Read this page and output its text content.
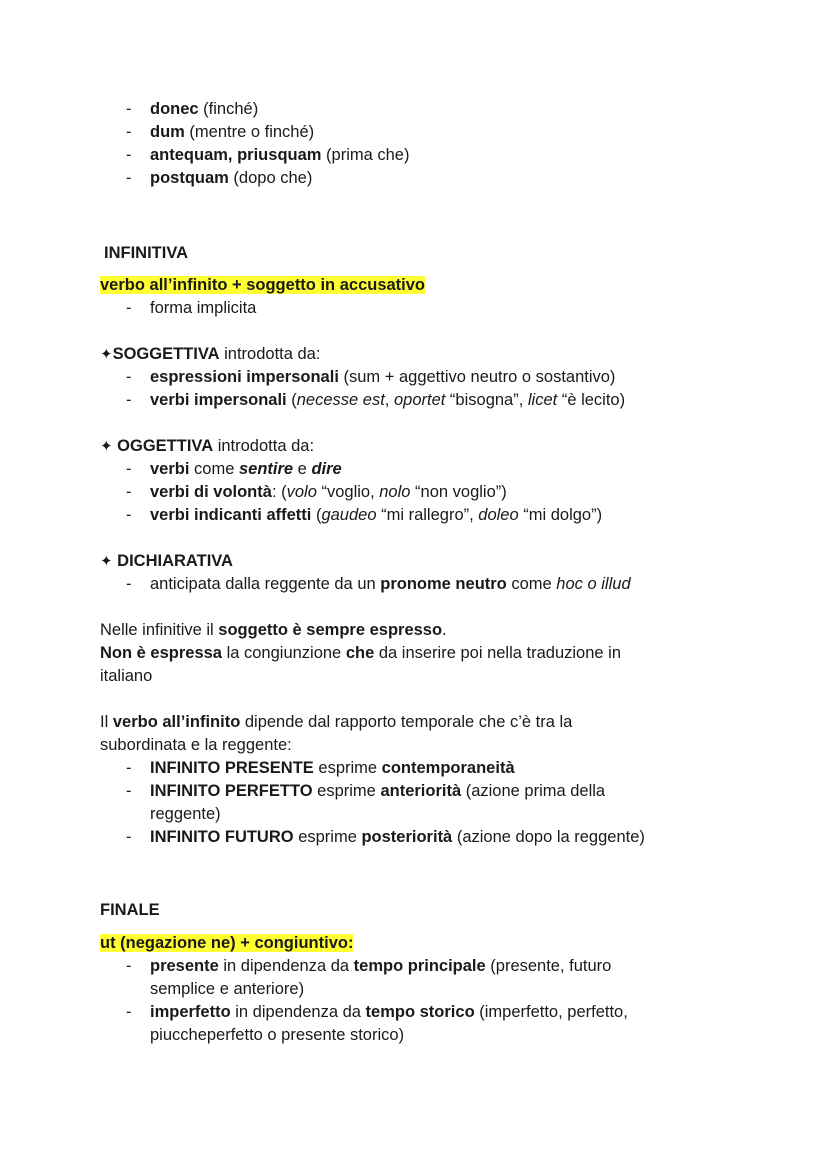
- donec (finché)
- dum (mentre o finché)
- antequam, priusquam (prima che)
- postquam (dopo che)
INFINITIVA
verbo all’infinito + soggetto in accusativo
- forma implicita
✦SOGGETTIVA introdotta da:
- espressioni impersonali (sum + aggettivo neutro o sostantivo)
- verbi impersonali (necesse est, oportet “bisogna”, licet “è lecito)
✦ OGGETTIVA introdotta da:
- verbi come sentire e dire
- verbi di volontà: (volo “voglio, nolo “non voglio”)
- verbi indicanti affetti (gaudeo “mi rallegro”, doleo “mi dolgo”)
✦ DICHIARATIVA
- anticipata dalla reggente da un pronome neutro come hoc o illud
Nelle infinitive il soggetto è sempre espresso.
Non è espressa la congiunzione che da inserire poi nella traduzione in
italiano
Il verbo all’infinito dipende dal rapporto temporale che c’è tra la
subordinata e la reggente:
- INFINITO PRESENTE esprime contemporaneità
- INFINITO PERFETTO esprime anteriorità (azione prima della
reggente)
- INFINITO FUTURO esprime posteriorità (azione dopo la reggente)
FINALE
ut (negazione ne) + congiuntivo:
- presente in dipendenza da tempo principale (presente, futuro
semplice e anteriore)
- imperfetto in dipendenza da tempo storico (imperfetto, perfetto,
piuccheperfetto o presente storico)
